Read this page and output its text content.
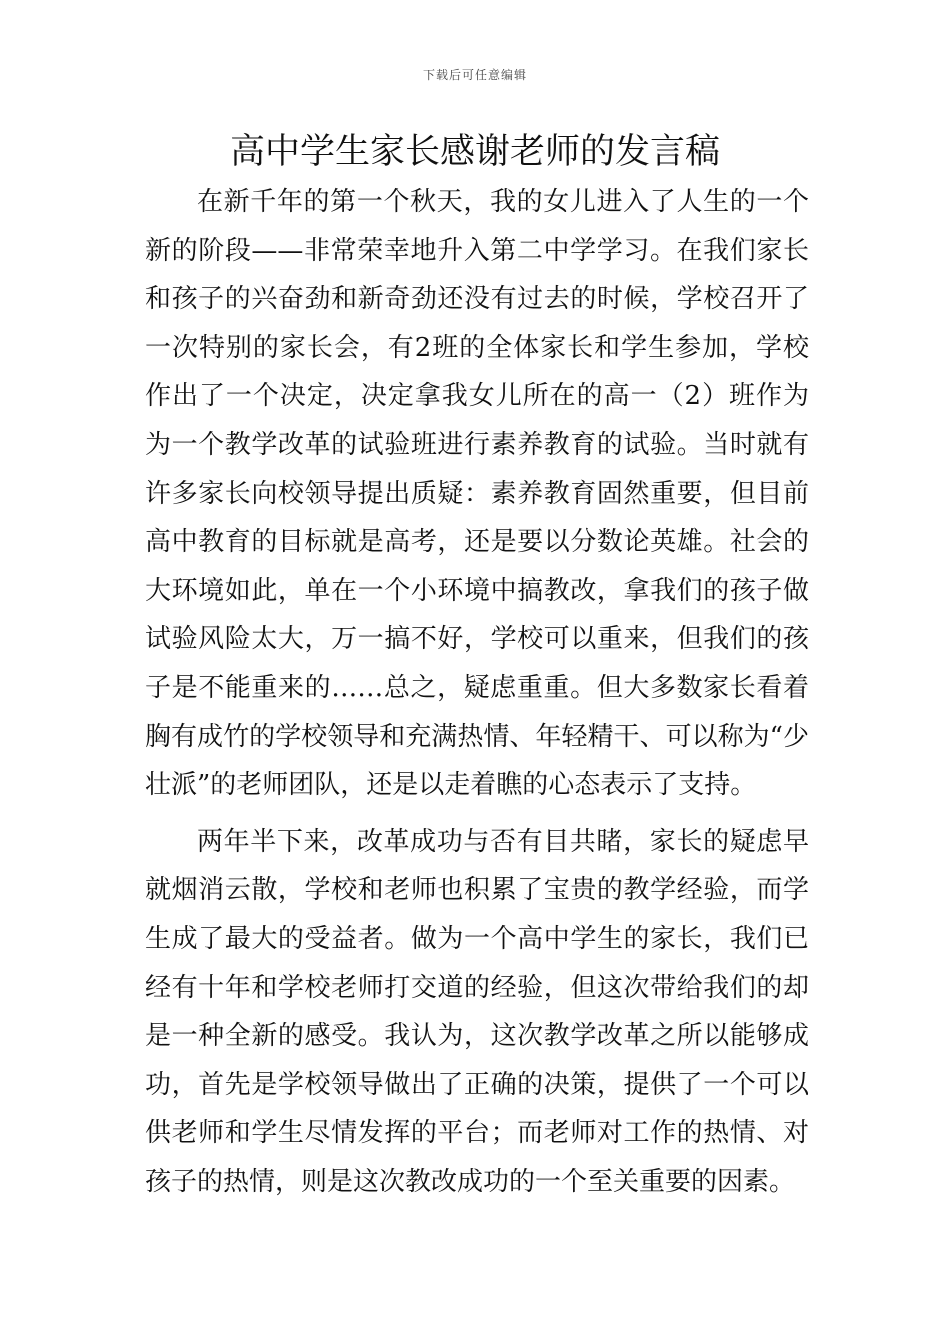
下载后可任意编辑
高中学生家长感谢老师的发言稿

在新千年的第一个秋天，我的女儿进入了人生的一个新的阶段——非常荣幸地升入第二中学学习。在我们家长和孩子的兴奋劲和新奇劲还没有过去的时候，学校召开了一次特别的家长会，有2班的全体家长和学生参加，学校作出了一个决定，决定拿我女儿所在的高一（2）班作为为一个教学改革的试验班进行素养教育的试验。当时就有许多家长向校领导提出质疑：素养教育固然重要，但目前高中教育的目标就是高考，还是要以分数论英雄。社会的大环境如此，单在一个小环境中搞教改，拿我们的孩子做试验风险太大，万一搞不好，学校可以重来，但我们的孩子是不能重来的……总之，疑虑重重。但大多数家长看着胸有成竹的学校领导和充满热情、年轻精干、可以称为“少壮派”的老师团队，还是以走着瞧的心态表示了支持。

两年半下来，改革成功与否有目共睹，家长的疑虑早就烟消云散，学校和老师也积累了宝贵的教学经验，而学生成了最大的受益者。做为一个高中学生的家长，我们已经有十年和学校老师打交道的经验，但这次带给我们的却是一种全新的感受。我认为，这次教学改革之所以能够成功，首先是学校领导做出了正确的决策，提供了一个可以供老师和学生尽情发挥的平台；而老师对工作的热情、对孩子的热情，则是这次教改成功的一个至关重要的因素。
